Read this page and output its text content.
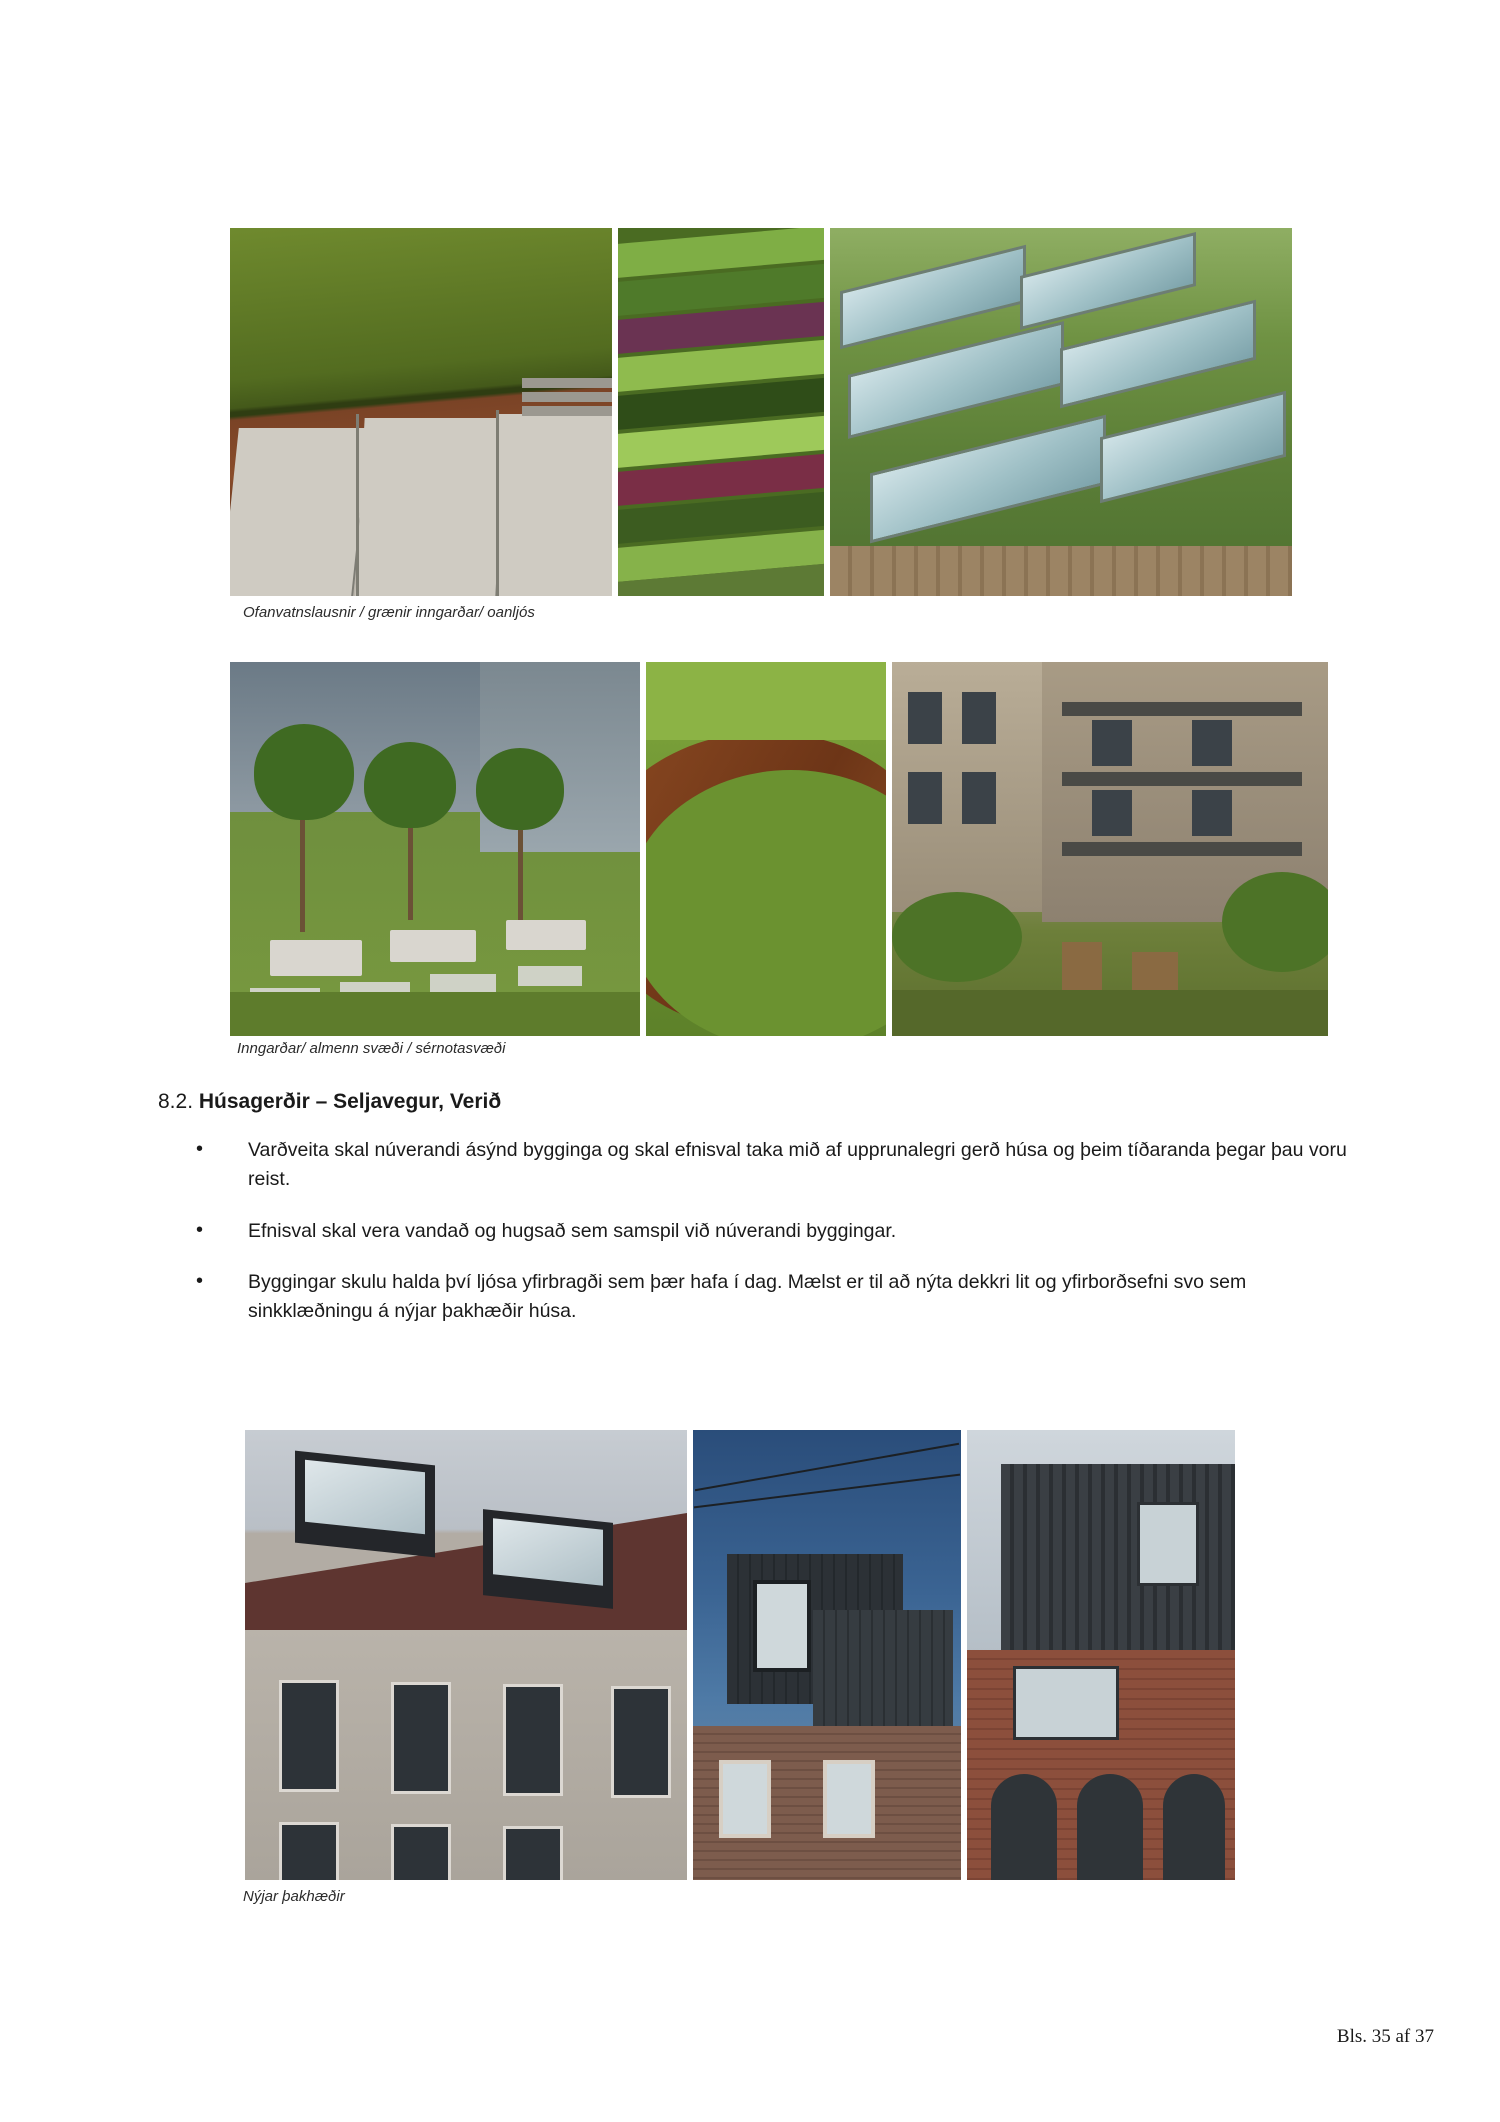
Ofanvatnslausnir / grænir inngarðar/ oanljós
Inngarðar/ almenn svæði / sérnotasvæði
8.2. Húsagerðir – Seljavegur, Verið
• Varðveita skal núverandi ásýnd bygginga og skal efnisval taka mið af upprunalegri gerð húsa og þeim tíðaranda þegar þau voru reist.
• Efnisval skal vera vandað og hugsað sem samspil við núverandi byggingar.
• Byggingar skulu halda því ljósa yfirbragði sem þær hafa í dag. Mælst er til að nýta dekkri lit og yfirborðsefni svo sem sinkklæðningu á nýjar þakhæðir húsa.
Nýjar þakhæðir
Bls. 35 af 37
